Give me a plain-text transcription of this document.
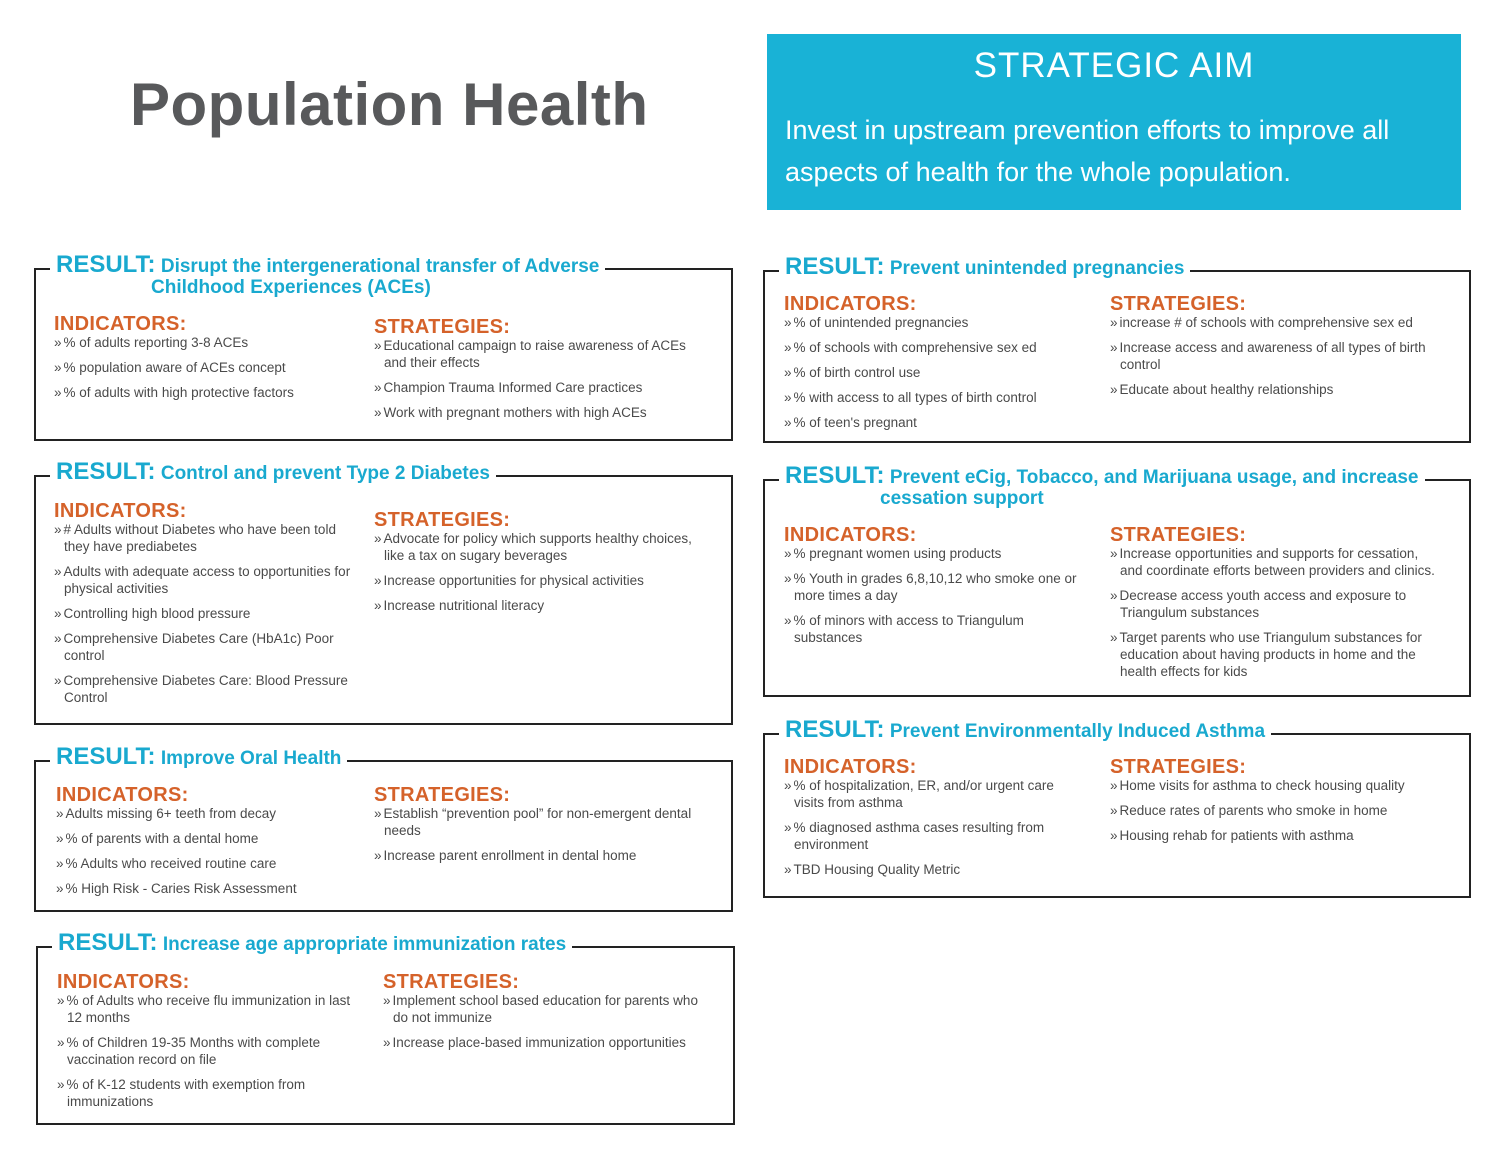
Population Health
STRATEGIC AIM
Invest in upstream prevention efforts to improve all aspects of health for the whole population.
RESULT: Disrupt the intergenerational transfer of Adverse
Childhood Experiences (ACEs)
INDICATORS:
» % of adults reporting 3-8 ACEs
» % population aware of ACEs concept
» % of adults with high protective factors
STRATEGIES:
» Educational campaign to raise awareness of ACEs and their effects
» Champion Trauma Informed Care practices
» Work with pregnant mothers with high ACEs
RESULT: Control and prevent Type 2 Diabetes
INDICATORS:
» # Adults without Diabetes who have been told they have prediabetes
» Adults with adequate access to opportunities for physical activities
» Controlling high blood pressure
» Comprehensive Diabetes Care (HbA1c) Poor control
» Comprehensive Diabetes Care: Blood Pressure Control
STRATEGIES:
» Advocate for policy which supports healthy choices, like a tax on sugary beverages
» Increase opportunities for physical activities
» Increase nutritional literacy
RESULT: Improve Oral Health
INDICATORS:
» Adults missing 6+ teeth from decay
» % of parents with a dental home
» % Adults who received routine care
» % High Risk - Caries Risk Assessment
STRATEGIES:
» Establish “prevention pool” for non-emergent dental needs
» Increase parent enrollment in dental home
RESULT: Increase age appropriate immunization rates
INDICATORS:
» % of Adults who receive flu immunization in last 12 months
» % of Children 19-35 Months with complete vaccination record on file
» % of K-12 students with exemption from immunizations
STRATEGIES:
» Implement school based education for parents who do not immunize
» Increase place-based immunization opportunities
RESULT: Prevent unintended pregnancies
INDICATORS:
» % of unintended pregnancies
» % of schools with comprehensive sex ed
» % of birth control use
» % with access to all types of birth control
» % of teen's pregnant
STRATEGIES:
» increase # of schools with comprehensive sex ed
» Increase access and awareness of all types of birth control
» Educate about healthy relationships
RESULT: Prevent eCig, Tobacco, and Marijuana usage, and increase
cessation support
INDICATORS:
» % pregnant women using products
» % Youth in grades 6,8,10,12 who smoke one or more times a day
» % of minors with access to Triangulum substances
STRATEGIES:
» Increase opportunities and supports for cessation, and coordinate efforts between providers and clinics.
» Decrease access youth access and exposure to Triangulum substances
» Target parents who use Triangulum substances for education about having products in home and the health effects for kids
RESULT: Prevent Environmentally Induced Asthma
INDICATORS:
» % of hospitalization, ER, and/or urgent care visits from asthma
» % diagnosed asthma cases resulting from environment
» TBD Housing Quality Metric
STRATEGIES:
» Home visits for asthma to check housing quality
» Reduce rates of parents who smoke in home
» Housing rehab for patients with asthma
